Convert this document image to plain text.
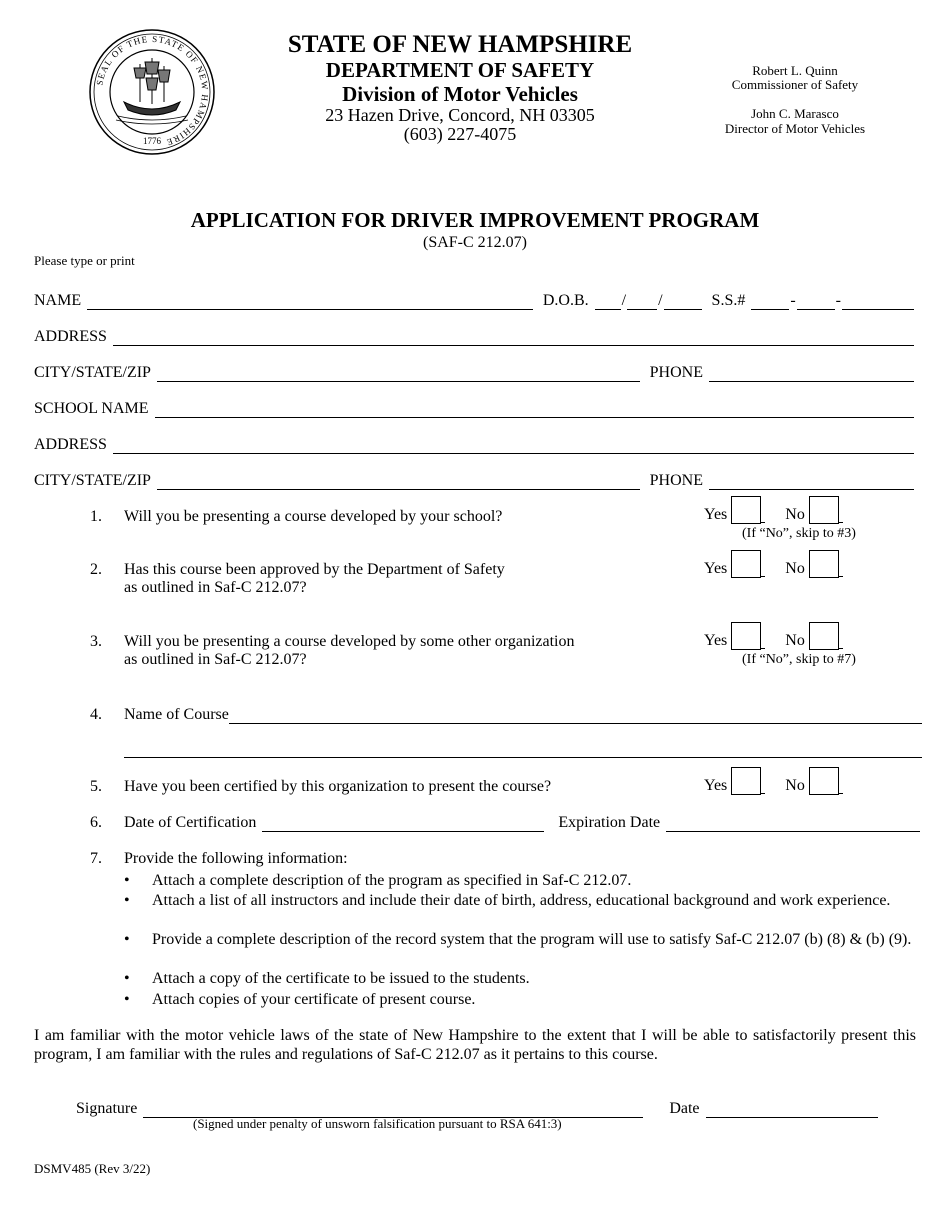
SEAL OF THE STATE OF NEW HAMPSHIRE
1776
STATE OF NEW HAMPSHIRE
DEPARTMENT OF SAFETY
Division of Motor Vehicles
23 Hazen Drive, Concord, NH 03305
(603) 227-4075
Robert L. Quinn
Commissioner of Safety
John C. Marasco
Director of Motor Vehicles
APPLICATION FOR DRIVER IMPROVEMENT PROGRAM
(SAF-C 212.07)
Please type or print
NAME	D.O.B. / /	S.S.#	-	-
ADDRESS
CITY/STATE/ZIP	PHONE
SCHOOL NAME
ADDRESS
CITY/STATE/ZIP	PHONE
1. Will you be presenting a course developed by your school?	Yes	No
(If “No”, skip to #3)
2. Has this course been approved by the Department of Safety
as outlined in Saf-C 212.07?
Yes	No
3. Will you be presenting a course developed by some other organization
as outlined in Saf-C 212.07?
Yes	No
(If “No”, skip to #7)
4. Name of Course
5. Have you been certified by this organization to present the course?	Yes	No
6. Date of Certification	Expiration Date
7. Provide the following information:
•	Attach a complete description of the program as specified in Saf-C 212.07.
•	Attach a list of all instructors and include their date of birth, address, educational background and work experience.
•	Provide a complete description of the record system that the program will use to satisfy Saf-C 212.07 (b) (8) & (b) (9).
•	Attach a copy of the certificate to be issued to the students.
•	Attach copies of your certificate of present course.
I am familiar with the motor vehicle laws of the state of New Hampshire to the extent that I will be able to satisfactorily present this program, I am familiar with the rules and regulations of Saf-C 212.07 as it pertains to this course.
Signature	Date
(Signed under penalty of unsworn falsification pursuant to RSA 641:3)
DSMV485 (Rev 3/22)
